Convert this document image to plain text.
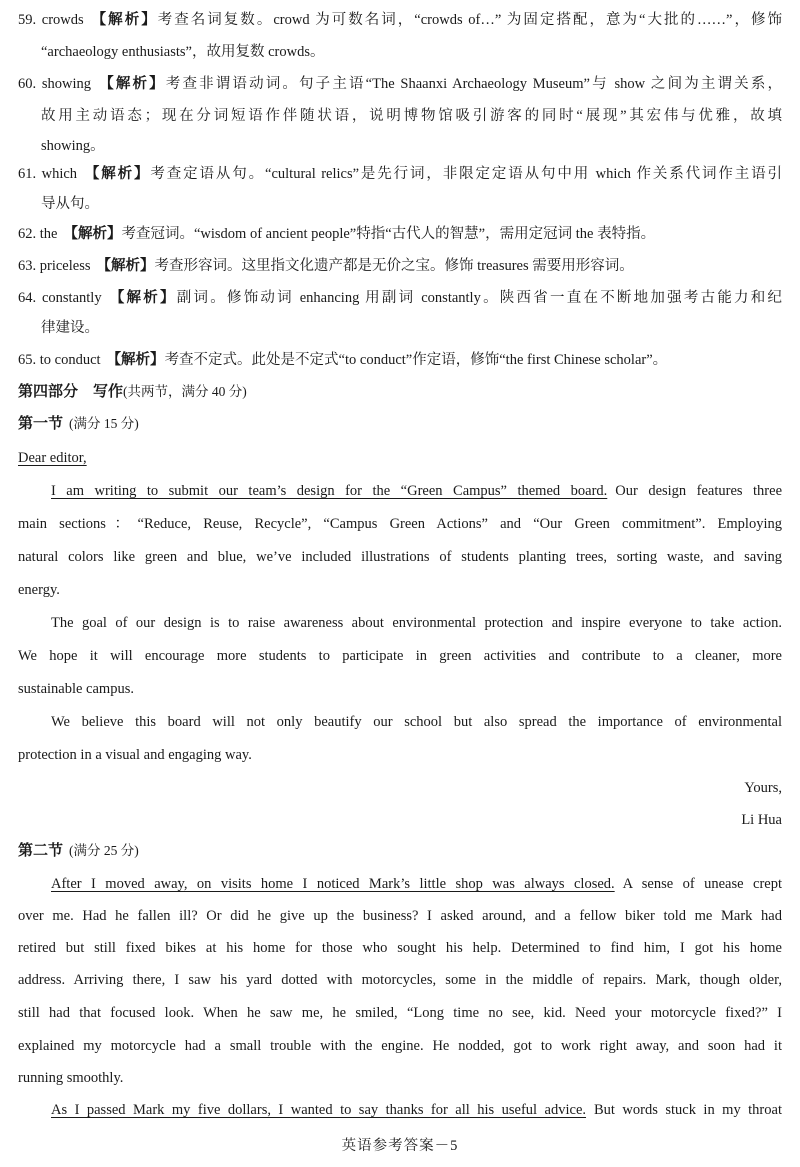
59. crowds 【解析】考查名词复数。crowd 为可数名词，“crowds of…” 为固定搭配，意为“大批的……”，修饰
“archaeology enthusiasts”，故用复数 crowds。
60. showing 【解析】考查非谓语动词。句子主语“The Shaanxi Archaeology Museum”与 show 之间为主谓关系，
故用主动语态；现在分词短语作伴随状语，说明博物馆吸引游客的同时“展现”其宏伟与优雅，故填
showing。
61. which 【解析】考查定语从句。“cultural relics”是先行词，非限定定语从句中用 which 作关系代词作主语引
导从句。
62. the 【解析】考查冠词。“wisdom of ancient people”特指“古代人的智慧”，需用定冠词 the 表特指。
63. priceless 【解析】考查形容词。这里指文化遗产都是无价之宝。修饰 treasures 需要用形容词。
64. constantly 【解析】副词。修饰动词 enhancing 用副词 constantly。陕西省一直在不断地加强考古能力和纪
律建设。
65. to conduct 【解析】考查不定式。此处是不定式“to conduct”作定语，修饰“the first Chinese scholar”。
第四部分　写作(共两节，满分 40 分)
第一节 (满分 15 分)
Dear editor,
I am writing to submit our team’s design for the “Green Campus” themed board. Our design features three
main sections：“Reduce, Reuse, Recycle”, “Campus Green Actions” and “Our Green commitment”. Employing
natural colors like green and blue, we’ve included illustrations of students planting trees, sorting waste, and saving
energy.
The goal of our design is to raise awareness about environmental protection and inspire everyone to take action.
We hope it will encourage more students to participate in green activities and contribute to a cleaner, more
sustainable campus.
We believe this board will not only beautify our school but also spread the importance of environmental
protection in a visual and engaging way.
Yours,
Li Hua
第二节 (满分 25 分)
After I moved away, on visits home I noticed Mark’s little shop was always closed. A sense of unease crept
over me. Had he fallen ill? Or did he give up the business? I asked around, and a fellow biker told me Mark had
retired but still fixed bikes at his home for those who sought his help. Determined to find him, I got his home
address. Arriving there, I saw his yard dotted with motorcycles, some in the middle of repairs. Mark, though older,
still had that focused look. When he saw me, he smiled, “Long time no see, kid. Need your motorcycle fixed?” I
explained my motorcycle had a small trouble with the engine. He nodded, got to work right away, and soon had it
running smoothly.
As I passed Mark my five dollars, I wanted to say thanks for all his useful advice. But words stuck in my throat
英语参考答案－5
